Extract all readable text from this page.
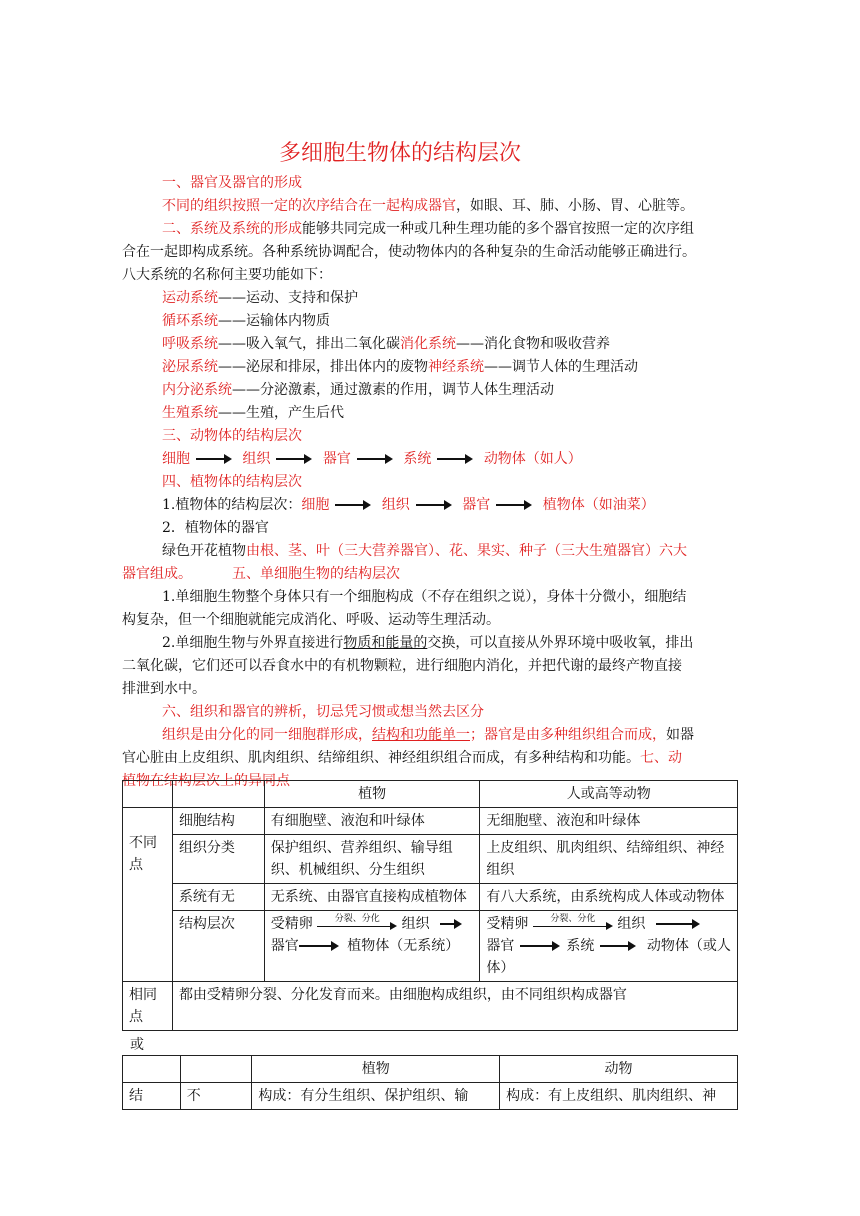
多细胞生物体的结构层次
一、器官及器官的形成
不同的组织按照一定的次序结合在一起构成器官，如眼、耳、肺、小肠、胃、心脏等。
二、系统及系统的形成能够共同完成一种或几种生理功能的多个器官按照一定的次序组
合在一起即构成系统。各种系统协调配合，使动物体内的各种复杂的生命活动能够正确进行。
八大系统的名称何主要功能如下：
运动系统——运动、支持和保护
循环系统——运输体内物质
呼吸系统——吸入氧气，排出二氧化碳消化系统——消化食物和吸收营养
泌尿系统——泌尿和排尿，排出体内的废物神经系统——调节人体的生理活动
内分泌系统——分泌激素，通过激素的作用，调节人体生理活动
生殖系统——生殖，产生后代
三、动物体的结构层次
细胞	组织	器官	系统	动物体（如人）
四、植物体的结构层次
1.植物体的结构层次：细胞	组织	器官	植物体（如油菜）
2．植物体的器官
绿色开花植物由根、茎、叶（三大营养器官）、花、果实、种子（三大生殖器官）六大
器官组成。	五、单细胞生物的结构层次
1.单细胞生物整个身体只有一个细胞构成（不存在组织之说），身体十分微小，细胞结
构复杂，但一个细胞就能完成消化、呼吸、运动等生理活动。
2.单细胞生物与外界直接进行物质和能量的交换，可以直接从外界环境中吸收氧，排出
二氧化碳，它们还可以吞食水中的有机物颗粒，进行细胞内消化，并把代谢的最终产物直接
排泄到水中。
六、组织和器官的辨析，切忌凭习惯或想当然去区分
组织是由分化的同一细胞群形成，结构和功能单一；器官是由多种组织组合而成，如器
官心脏由上皮组织、肌肉组织、结缔组织、神经组织组合而成，有多种结构和功能。七、动
植物在结构层次上的异同点
		植物	人或高等动物
不同点	细胞结构	有细胞壁、液泡和叶绿体	无细胞壁、液泡和叶绿体
	组织分类	保护组织、营养组织、输导组织、机械组织、分生组织	上皮组织、肌肉组织、结缔组织、神经组织
	系统有无	无系统、由器官直接构成植物体	有八大系统，由系统构成人体或动物体
	结构层次	受精卵 分裂、分化 组织
器官 植物体（无系统）	受精卵 分裂、分化 组织
器官 系统 动物体（或人体）
相同点	都由受精卵分裂、分化发育而来。由细胞构成组织，由不同组织构成器官		
或
		植物	动物
结	不	构成：有分生组织、保护组织、输	构成：有上皮组织、肌肉组织、神
